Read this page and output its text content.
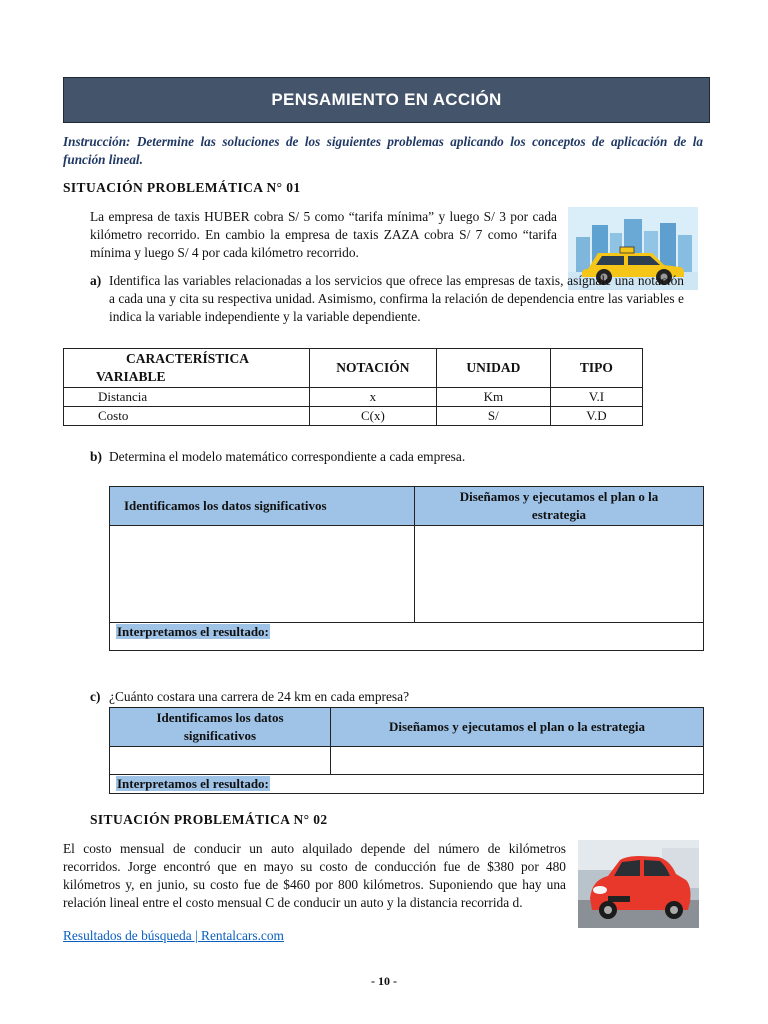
PENSAMIENTO EN ACCIÓN
Instrucción: Determine las soluciones de los siguientes problemas aplicando los conceptos de aplicación de la función lineal.
SITUACIÓN PROBLEMÁTICA N° 01
La empresa de taxis HUBER cobra S/ 5 como “tarifa mínima” y luego S/ 3 por cada kilómetro recorrido. En cambio la empresa de taxis ZAZA cobra S/ 7 como “tarifa mínima y luego S/ 4 por cada kilómetro recorrido.
a) Identifica las variables relacionadas a los servicios que ofrece las empresas de taxis, asígnale una notación a cada una y cita su respectiva unidad. Asimismo, confirma la relación de dependencia entre las variables e indica la variable independiente y la variable dependiente.
CARACTERÍSTICA
VARIABLE	NOTACIÓN	UNIDAD	TIPO
Distancia	x	Km	V.I
Costo	C(x)	S/	V.D
b) Determina el modelo matemático correspondiente a cada empresa.
Identificamos los datos significativos	Diseñamos y ejecutamos el plan o la estrategia

Interpretamos el resultado:	
c) ¿Cuánto costara una carrera de 24 km en cada empresa?
Identificamos los datos significativos	Diseñamos y ejecutamos el plan o la estrategia

Interpretamos el resultado:	
SITUACIÓN PROBLEMÁTICA N° 02
El costo mensual de conducir un auto alquilado depende del número de kilómetros recorridos. Jorge encontró que en mayo su costo de conducción fue de $380 por 480 kilómetros y, en junio, su costo fue de $460 por 800 kilómetros. Suponiendo que hay una relación lineal entre el costo mensual C de conducir un auto y la distancia recorrida d.
Resultados de búsqueda | Rentalcars.com
- 10 -
